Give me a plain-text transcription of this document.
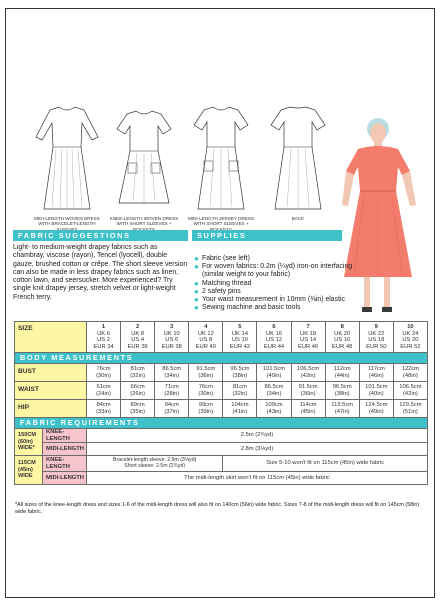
MIDI-LENGTH WOVEN DRESS WITH BRACELET-LENGTH
KNEE-LENGTH WOVEN DRESS WITH SHORT SLEEVES +
MIDI-LENGTH JERSEY DRESS WITH SHORT SLEEVES +
BACK
FABRIC SUGGESTIONS
Light- to medium-weight drapey fabrics such as chambray, viscose (rayon), Tencel (lyocell), double gauze, brushed cotton or crêpe. The short sleeve version can also be made in less drapey fabrics such as linen, cotton lawn, and seersucker. More experienced? Try single knit drapey jersey, stretch velvet or light-weight French terry.
SUPPLIES
● Fabric (see left)
● For woven fabrics: 0.2m (¼yd) iron-on interfacing (similar weight to your fabric)
● Matching thread
● 2 safety pins
● Your waist measurement in 10mm (⅜in) elastic
● Sewing machine and basic tools
SIZE		1
UK 6
US 2
EUR 34	2
UK 8
US 4
EUR 36	3
UK 10
US 6
EUR 38	4
UK 12
US 8
EUR 40	5
UK 14
US 10
EUR 42	6
UK 16
US 12
EUR 44	7
UK 18
US 14
EUR 46	8
UK 20
US 16
EUR 48	9
UK 22
US 18
EUR 50	10
UK 24
US 20
EUR 52
BODY MEASUREMENTS											
BUST		76cm
(30in)	81cm
(32in)	86.5cm
(34in)	91.5cm
(36in)	96.5cm
(38in)	101.5cm
(40in)	106.5cm
(42in)	112cm
(44in)	117cm
(46in)	122cm
(48in)
WAIST		61cm
(24in)	66cm
(26in)	71cm
(28in)	76cm
(30in)	81cm
(32in)	86.5cm
(34in)	91.5cm
(36in)	96.5cm
(38in)	101.5cm
(40in)	106.5cm
(42in)
HIP		84cm
(33in)	89cm
(35in)	94cm
(37in)	99cm
(39in)	104cm
(41in)	109cm
(43in)	114cm
(45in)	119.5cm
(47in)	124.5cm
(49in)	129.5cm
(51in)
FABRIC REQUIREMENTS											
150CM (60in) WIDE*	KNEE-LENGTH	2.5m (2¾yd)									
	MIDI-LENGTH	2.8m (3⅛yd)									
115CM (45in) WIDE	KNEE-LENGTH	Bracelet-length sleeve: 2.9m (3⅛yd)
Short sleeve: 2.5m (2¾yd)				Size 5-10 won't fit on 115cm (45in) wide fabric					
	MIDI-LENGTH	The midi-length skirt won't fit on 115cm (45in) wide fabric									
*All sizes of the knee-length dress and sizes 1-6 of the midi-length dress will also fit on 140cm (56in) wide fabric. Sizes 7-8 of the midi-length dress will fit on 145cm (58in) wide fabric.
